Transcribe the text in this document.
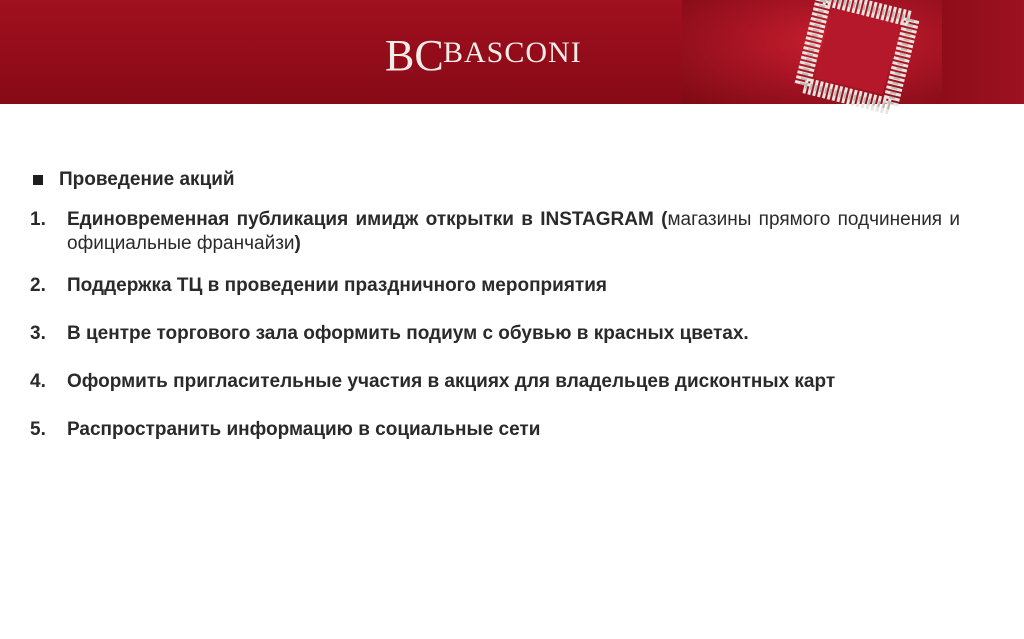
BC BASCONI
Проведение акций
1.	Единовременная публикация имидж открытки в INSTAGRAM (магазины прямого подчинения и официальные франчайзи)
2.	Поддержка ТЦ в проведении праздничного мероприятия
3.	В центре торгового зала оформить подиум с обувью в красных цветах.
4.	Оформить пригласительные участия в акциях для владельцев дисконтных карт
5.	Распространить информацию в социальные сети
